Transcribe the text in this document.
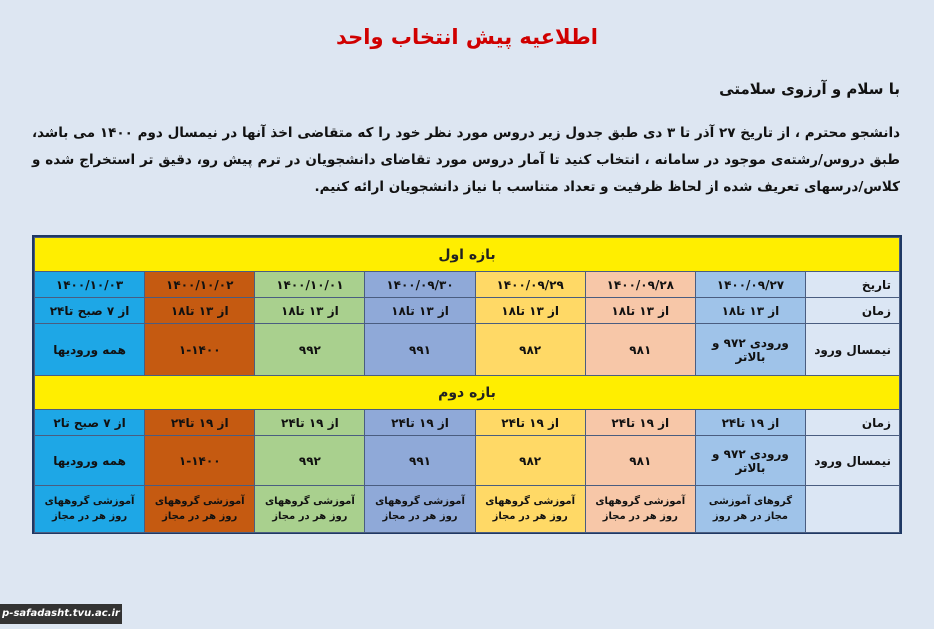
اطلاعیه پیش انتخاب واحد
با سلام و آرزوی سلامتی

دانشجو محترم ، از تاریخ ۲۷ آذر تا ۳ دی طبق جدول زیر دروس مورد نظر خود را که متقاضی اخذ آنها در نیمسال دوم ۱۴۰۰ می باشد، طبق دروس/رشته‌ی موجود در سامانه ، انتخاب کنید تا آمار دروس مورد تقاضای دانشجویان در ترم پیش رو، دقیق تر استخراج شده و کلاس/درسهای تعریف شده از لحاظ ظرفیت و تعداد متناسب با نیاز دانشجویان ارائه کنیم.

بازه اول							
تاریخ	۱۴۰۰/۰۹/۲۷	۱۴۰۰/۰۹/۲۸	۱۴۰۰/۰۹/۲۹	۱۴۰۰/۰۹/۳۰	۱۴۰۰/۱۰/۰۱	۱۴۰۰/۱۰/۰۲	۱۴۰۰/۱۰/۰۳
زمان	از ۱۳ تا۱۸	از ۱۳ تا۱۸	از ۱۳ تا۱۸	از ۱۳ تا۱۸	از ۱۳ تا۱۸	از ۱۳ تا۱۸	از ۷ صبح تا۲۴
نیمسال ورود	ورودی ۹۷۲ و بالاتر	۹۸۱	۹۸۲	۹۹۱	۹۹۲	۱-۱۴۰۰	همه ورودیها
بازه دوم							
زمان	از ۱۹ تا۲۴	از ۱۹ تا۲۴	از ۱۹ تا۲۴	از ۱۹ تا۲۴	از ۱۹ تا۲۴	از ۱۹ تا۲۴	از ۷ صبح تا۲
نیمسال ورود	ورودی ۹۷۲ و بالاتر	۹۸۱	۹۸۲	۹۹۱	۹۹۲	۱-۱۴۰۰	همه ورودیها
	گروهای آموزشی مجاز در هر روز	آموزشی گروههای روز هر در مجاز	آموزشی گروههای روز هر در مجاز	آموزشی گروههای روز هر در مجاز	آموزشی گروههای روز هر در مجاز	آموزشی گروههای روز هر در مجاز	آموزشی گروههای روز هر در مجاز
p-safadasht.tvu.ac.ir
